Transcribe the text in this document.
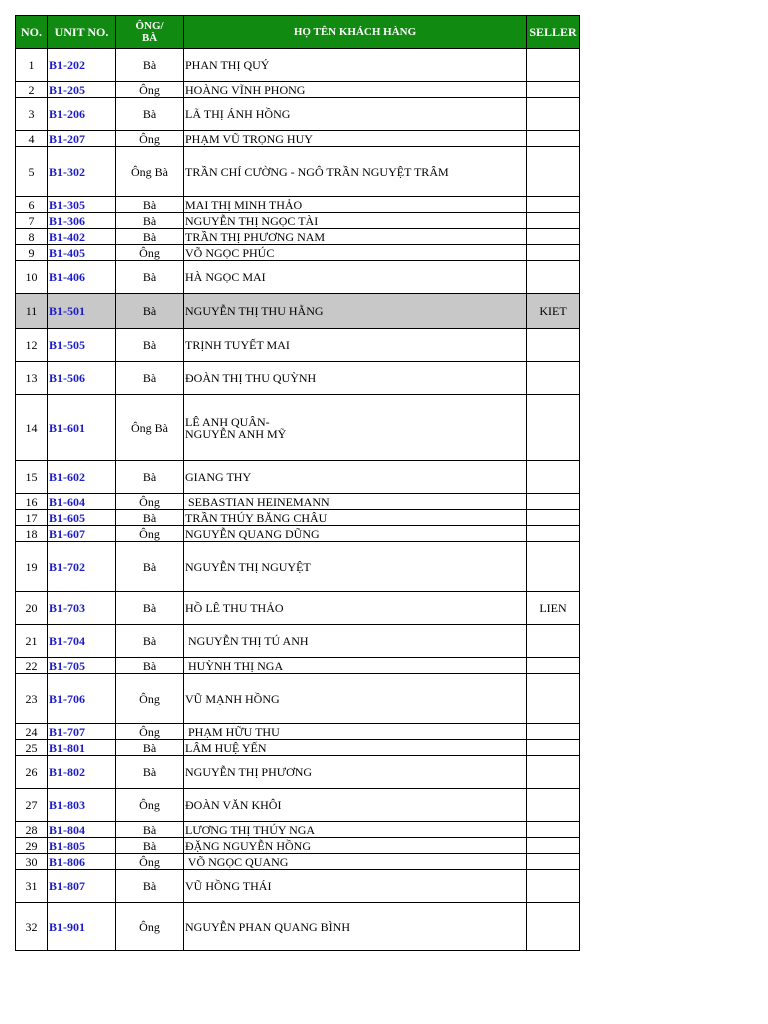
NO.	UNIT NO.	ÔNG/
BÀ	HỌ TÊN KHÁCH HÀNG	SELLER
1	B1-202	Bà	PHAN THỊ QUÝ	

2	B1-205	Ông	HOÀNG VĨNH PHONG	

3	B1-206	Bà	LÃ THỊ ÁNH HỒNG	

4	B1-207	Ông	PHẠM VŨ TRỌNG HUY	

5	B1-302	Ông Bà	TRẦN CHÍ CƯỜNG - NGÔ TRẦN NGUYỆT TRÂM	

6	B1-305	Bà	MAI THỊ MINH THẢO	

7	B1-306	Bà	NGUYỄN THỊ NGỌC TÀI	

8	B1-402	Bà	TRẦN THỊ PHƯƠNG NAM	

9	B1-405	Ông	VÕ NGỌC PHÚC	

10	B1-406	Bà	HÀ NGỌC MAI	

11	B1-501	Bà	NGUYỄN THỊ THU HẰNG	KIET
12	B1-505	Bà	TRỊNH TUYẾT MAI	

13	B1-506	Bà	ĐOÀN THỊ THU QUỲNH	

14	B1-601	Ông Bà	LÊ ANH QUÂN-
NGUYỄN ANH MỸ	

15	B1-602	Bà	GIANG THY	

16	B1-604	Ông	SEBASTIAN HEINEMANN	

17	B1-605	Bà	TRẦN THÚY BĂNG CHÂU	

18	B1-607	Ông	NGUYỄN QUANG DŨNG	

19	B1-702	Bà	NGUYỄN THỊ NGUYỆT	

20	B1-703	Bà	HỒ LÊ THU THẢO	LIEN
21	B1-704	Bà	NGUYỄN THỊ TÚ ANH	

22	B1-705	Bà	HUỲNH THỊ NGA	

23	B1-706	Ông	VŨ MẠNH HỒNG	

24	B1-707	Ông	PHẠM HỮU THU	

25	B1-801	Bà	LÂM HUỆ YẾN	

26	B1-802	Bà	NGUYỄN THỊ PHƯƠNG	

27	B1-803	Ông	ĐOÀN VĂN KHÔI	

28	B1-804	Bà	LƯƠNG THỊ THÚY NGA	

29	B1-805	Bà	ĐẶNG NGUYỄN HỒNG	

30	B1-806	Ông	VÕ NGỌC QUANG	

31	B1-807	Bà	VŨ HỒNG THÁI	

32	B1-901	Ông	NGUYỄN PHAN QUANG BÌNH	
